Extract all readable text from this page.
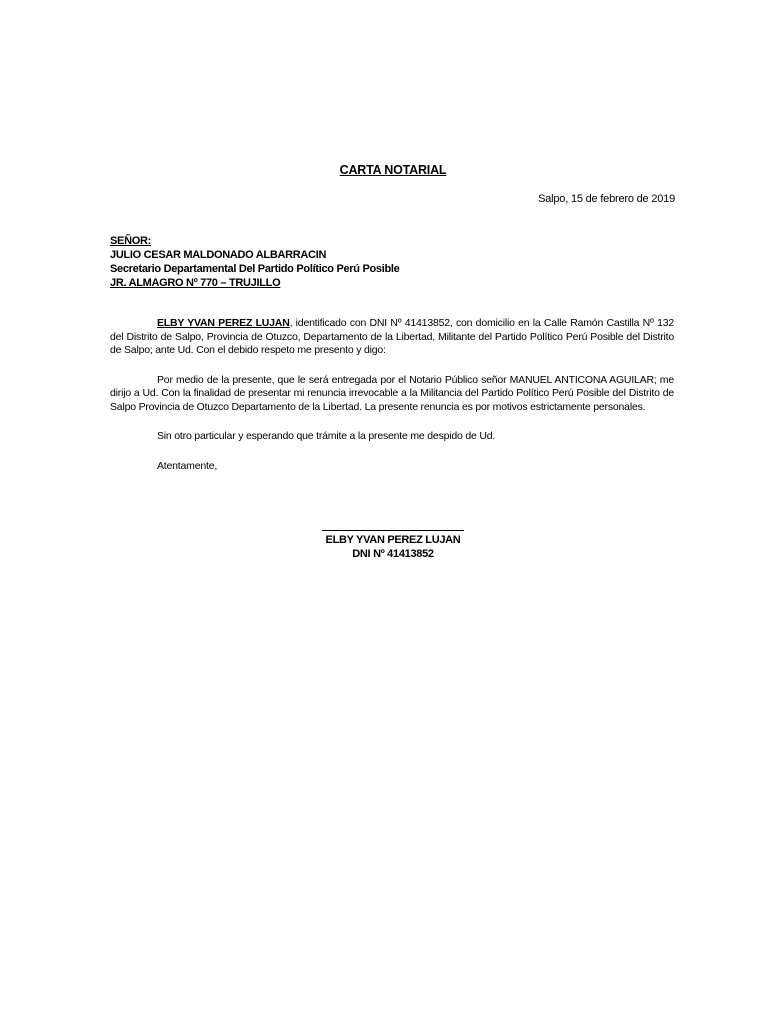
CARTA NOTARIAL
Salpo, 15 de febrero de 2019
SEÑOR:
JULIO CESAR MALDONADO ALBARRACIN
Secretario Departamental Del Partido Político Perú Posible
JR. ALMAGRO Nº 770 – TRUJILLO

ELBY YVAN PEREZ LUJAN, identificado con DNI Nº 41413852, con domicilio en la Calle Ramón Castilla Nº 132 del Distrito de Salpo, Provincia de Otuzco, Departamento de la Libertad, Militante del Partido Político Perú Posible del Distrito de Salpo; ante Ud. Con el debido respeto me presento y digo:

Por medio de la presente, que le será entregada por el Notario Público señor MANUEL ANTICONA AGUILAR; me dirijo a Ud. Con la finalidad de presentar mi renuncia irrevocable a la Militancia del Partido Político Perú Posible del Distrito de Salpo Provincia de Otuzco Departamento de la Libertad. La presente renuncia es por motivos estrictamente personales.

Sin otro particular y esperando que trámite a la presente me despido de Ud.

Atentamente,

ELBY YVAN PEREZ LUJAN
DNI Nº 41413852
